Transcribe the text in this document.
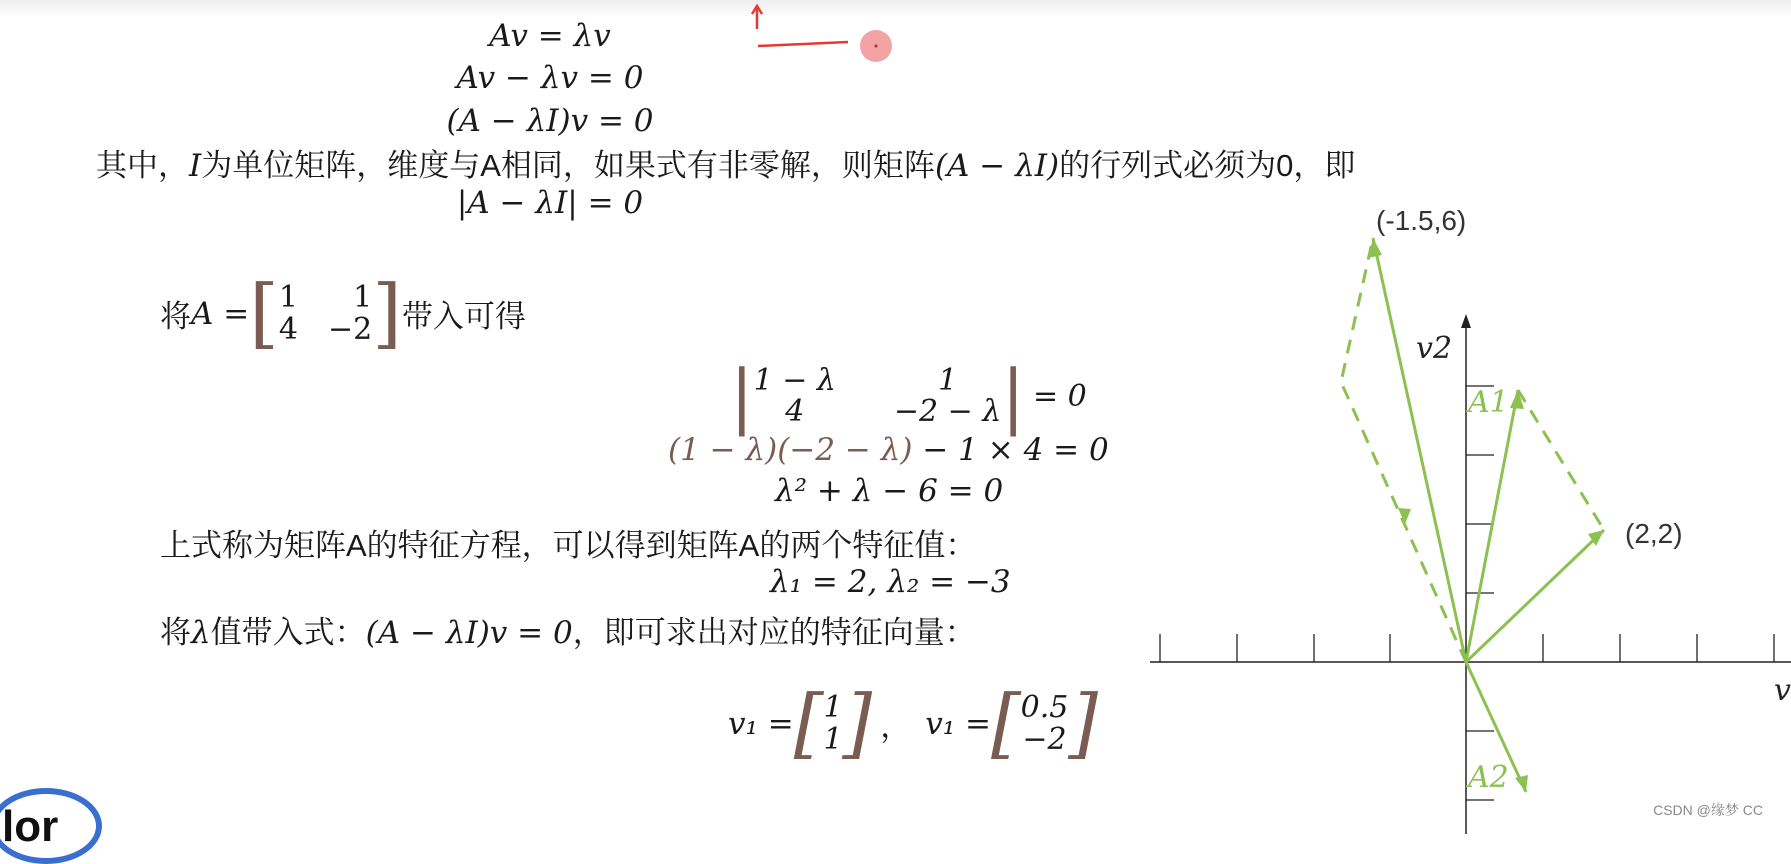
Av = λv
Av − λv = 0
(A − λI)v = 0
其中，I为单位矩阵，维度与A相同，如果式有非零解，则矩阵(A − λI)的行列式必须为0，即
|A − λI| = 0
将 A = [ 1	1
4 −2 ] 带入可得
| 1 − λ	1
4	−2 − λ | = 0
(1 − λ)(−2 − λ) − 1 × 4 = 0
λ² + λ − 6 = 0
上式称为矩阵A的特征方程，可以得到矩阵A的两个特征值：
λ₁ = 2, λ₂ = −3
将λ值带入式：(A − λI)v = 0，即可求出对应的特征向量：
v₁ = [ 1
1 ] ， v₁ = [ 0.5
−2 ]
(-1.5,6)
(2,2)
A1
A2
v2
v
lor	CSDN @缘梦 CC
